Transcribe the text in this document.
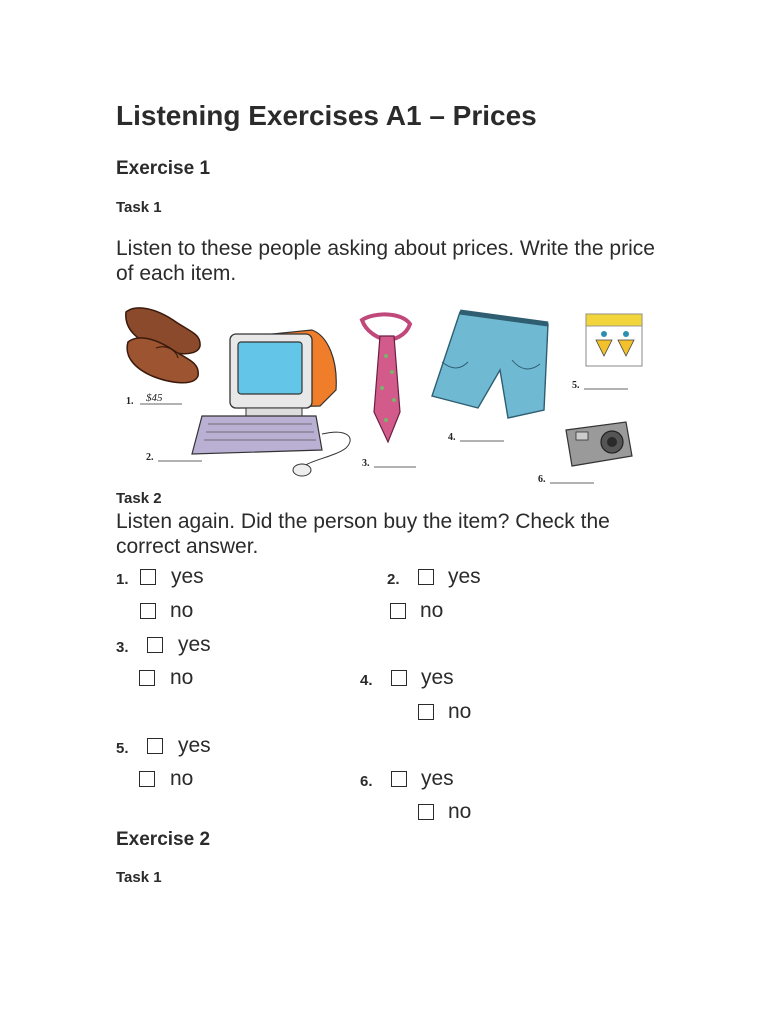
Listening Exercises A1 – Prices
Exercise 1
Task 1
Listen to these people asking about prices. Write the price of each item.
1. $45
2.
3.
4.
5.
6.
Task 2
Listen again. Did the person buy the item? Check the correct answer.
1. yes
no
2. yes
no
3. yes
no	4. yes
no
5. yes
no	6. yes
no
Exercise 2
Task 1
